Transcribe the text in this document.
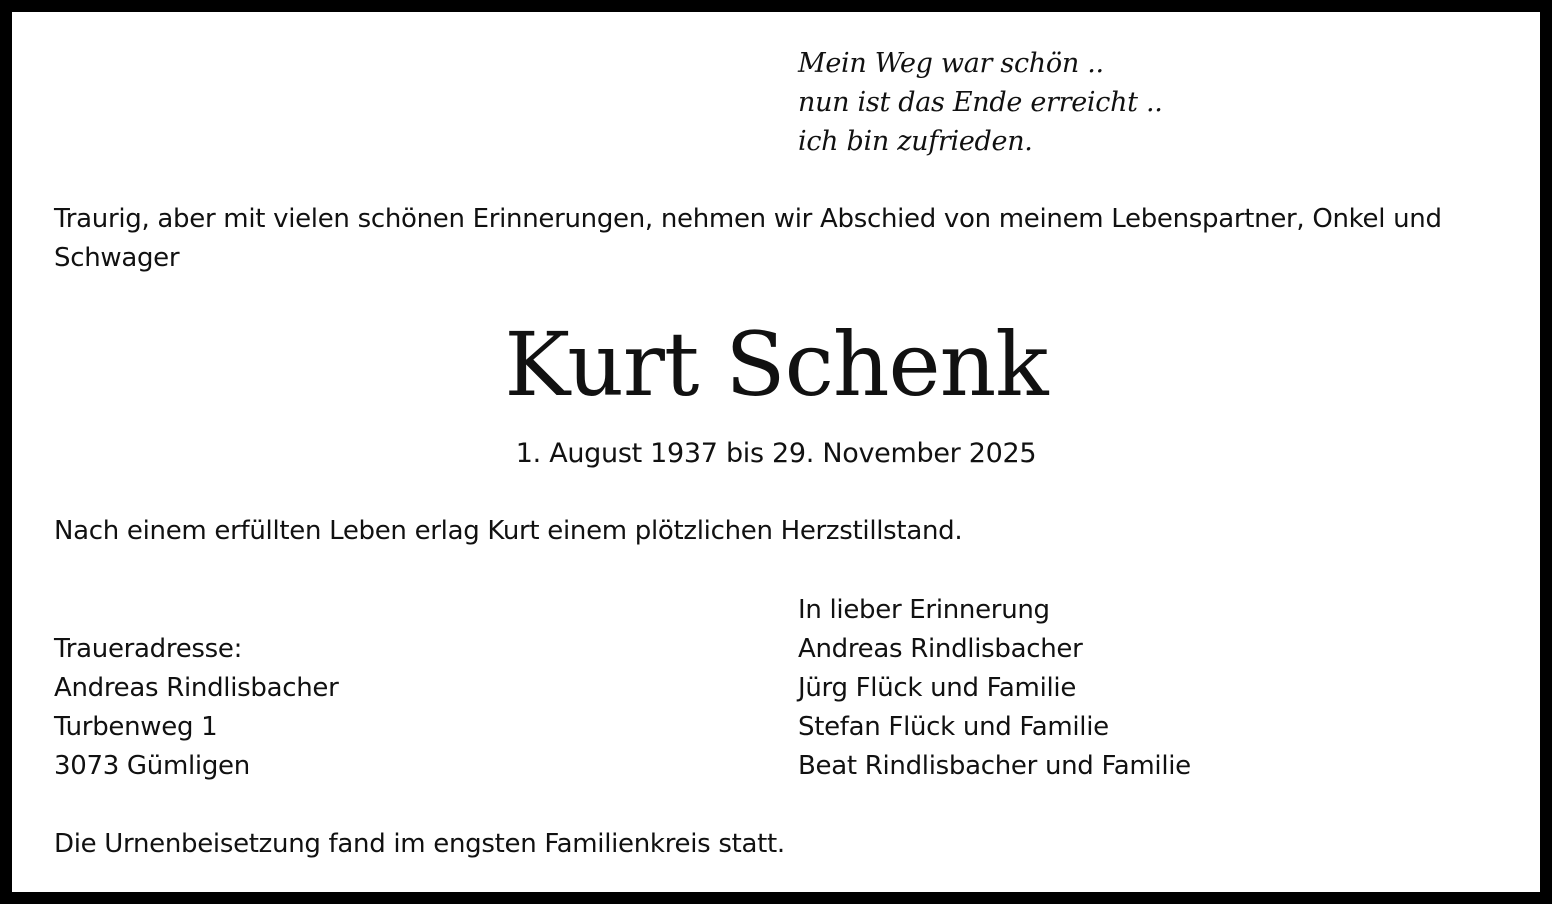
Mein Weg war schön ..
nun ist das Ende erreicht ..
ich bin zufrieden.
Traurig, aber mit vielen schönen Erinnerungen, nehmen wir Abschied von meinem Lebenspartner, Onkel und Schwager
Kurt Schenk
1. August 1937 bis 29. November 2025
Nach einem erfüllten Leben erlag Kurt einem plötzlichen Herzstillstand.
Traueradresse:
Andreas Rindlisbacher
Turbenweg 1
3073 Gümligen
In lieber Erinnerung
Andreas Rindlisbacher
Jürg Flück und Familie
Stefan Flück und Familie
Beat Rindlisbacher und Familie
Die Urnenbeisetzung fand im engsten Familienkreis statt.
